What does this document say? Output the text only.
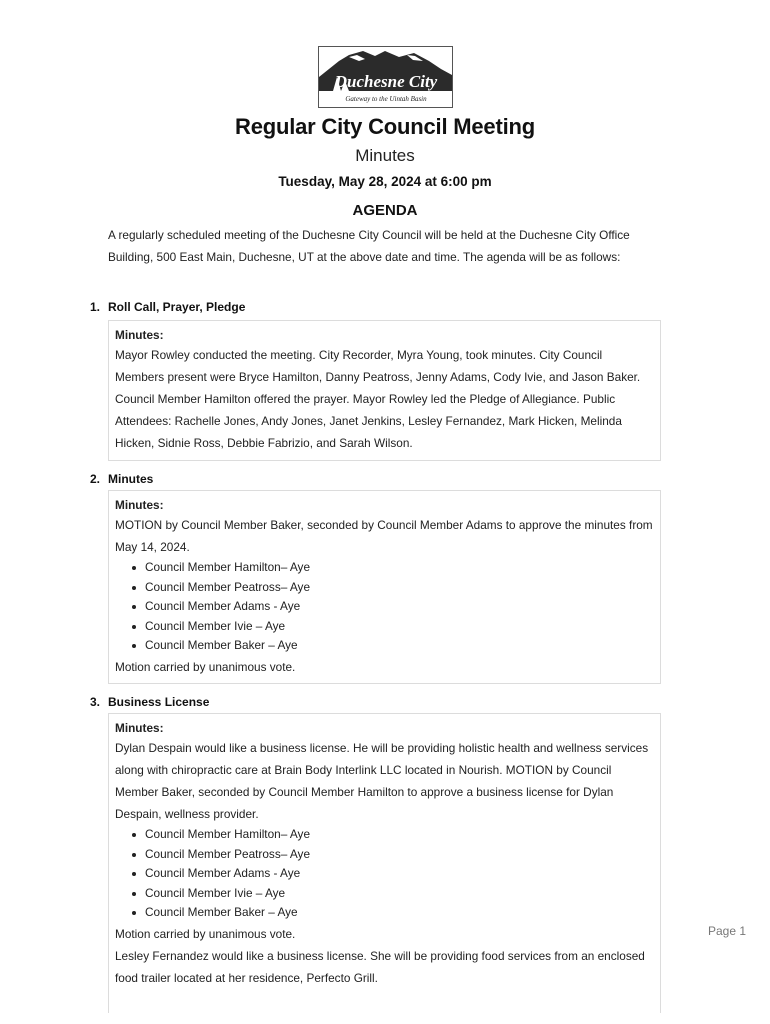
Duchesne City
Gateway to the Uintah Basin
Regular City Council Meeting
Minutes
Tuesday, May 28, 2024 at 6:00 pm
AGENDA
A regularly scheduled meeting of the Duchesne City Council will be held at the Duchesne City Office Building, 500 East Main, Duchesne, UT at the above date and time. The agenda will be as follows:
1. Roll Call, Prayer, Pledge
Minutes:
Mayor Rowley conducted the meeting. City Recorder, Myra Young, took minutes. City Council Members present were Bryce Hamilton, Danny Peatross, Jenny Adams, Cody Ivie, and Jason Baker. Council Member Hamilton offered the prayer. Mayor Rowley led the Pledge of Allegiance. Public Attendees: Rachelle Jones, Andy Jones, Janet Jenkins, Lesley Fernandez, Mark Hicken, Melinda Hicken, Sidnie Ross, Debbie Fabrizio, and Sarah Wilson.
2. Minutes
Minutes:
MOTION by Council Member Baker, seconded by Council Member Adams to approve the minutes from May 14, 2024.
Council Member Hamilton– Aye
Council Member Peatross– Aye
Council Member Adams - Aye
Council Member Ivie – Aye
Council Member Baker – Aye
Motion carried by unanimous vote.
3. Business License
Minutes:
Dylan Despain would like a business license. He will be providing holistic health and wellness services along with chiropractic care at Brain Body Interlink LLC located in Nourish. MOTION by Council Member Baker, seconded by Council Member Hamilton to approve a business license for Dylan Despain, wellness provider.
Council Member Hamilton– Aye
Council Member Peatross– Aye
Council Member Adams - Aye
Council Member Ivie – Aye
Council Member Baker – Aye
Motion carried by unanimous vote.
Lesley Fernandez would like a business license. She will be providing food services from an enclosed food trailer located at her residence, Perfecto Grill.
Page 1
